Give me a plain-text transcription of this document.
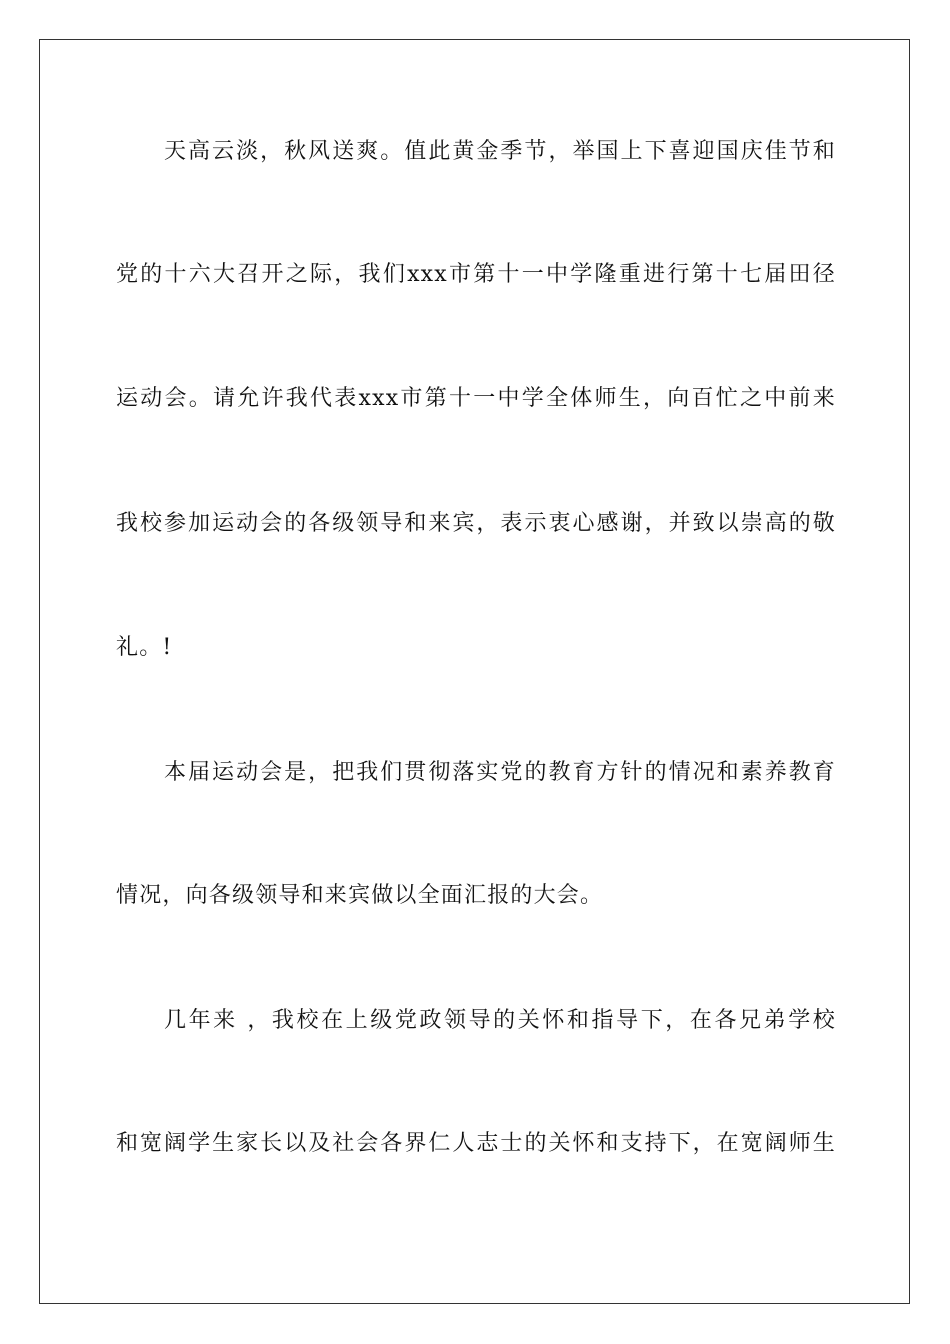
天高云淡，秋风送爽。值此黄金季节，举国上下喜迎国庆佳节和
党的十六大召开之际，我们xxx市第十一中学隆重进行第十七届田径
运动会。请允许我代表xxx市第十一中学全体师生，向百忙之中前来
我校参加运动会的各级领导和来宾，表示衷心感谢，并致以崇高的敬
礼。!
本届运动会是，把我们贯彻落实党的教育方针的情况和素养教育
情况，向各级领导和来宾做以全面汇报的大会。
几年来 ，我校在上级党政领导的关怀和指导下，在各兄弟学校
和宽阔学生家长以及社会各界仁人志士的关怀和支持下，在宽阔师生
